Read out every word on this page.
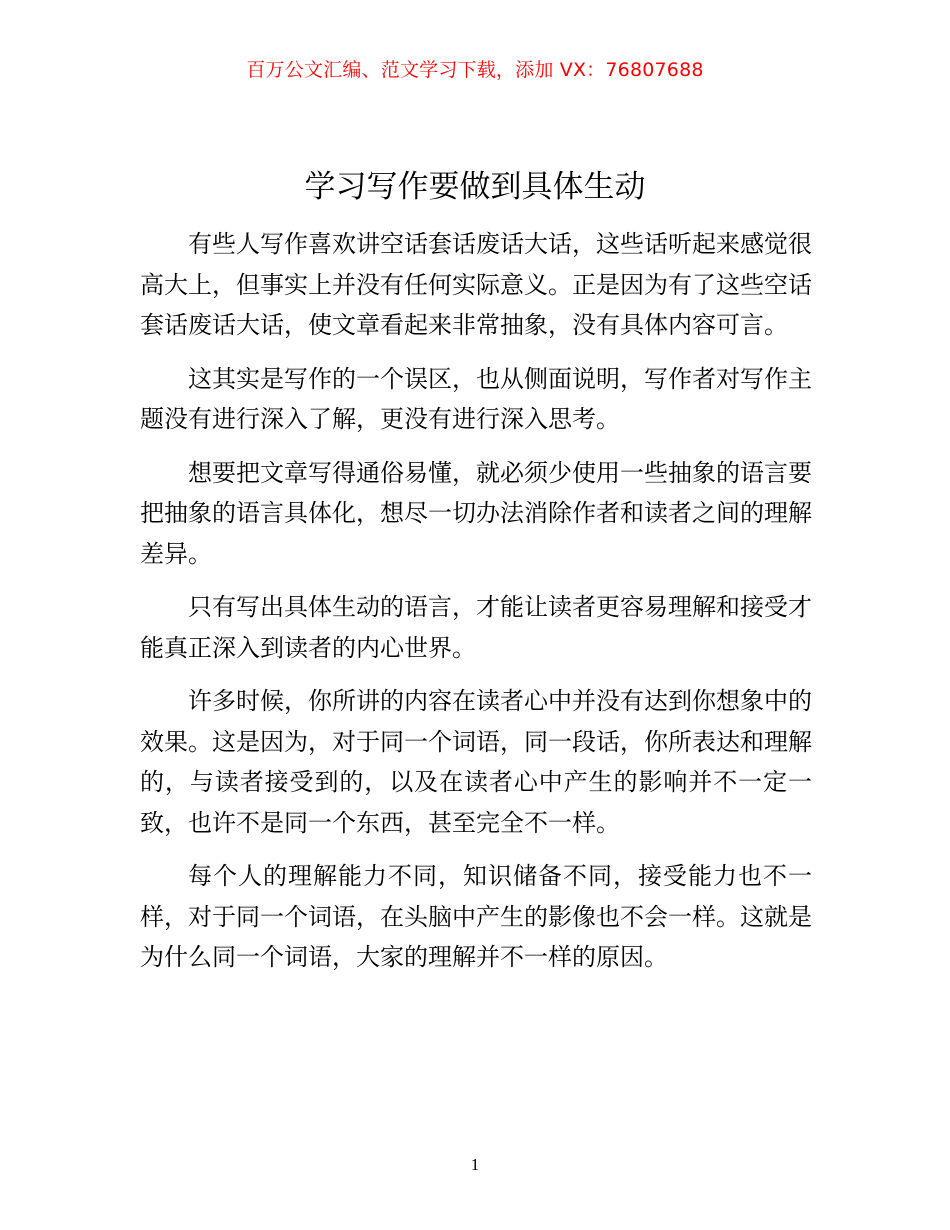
百万公文汇编、范文学习下载，添加 VX：76807688
学习写作要做到具体生动

有些人写作喜欢讲空话套话废话大话，这些话听起来感觉很高大上，但事实上并没有任何实际意义。正是因为有了这些空话套话废话大话，使文章看起来非常抽象，没有具体内容可言。

这其实是写作的一个误区，也从侧面说明，写作者对写作主题没有进行深入了解，更没有进行深入思考。

想要把文章写得通俗易懂，就必须少使用一些抽象的语言要把抽象的语言具体化，想尽一切办法消除作者和读者之间的理解差异。

只有写出具体生动的语言，才能让读者更容易理解和接受才能真正深入到读者的内心世界。

许多时候，你所讲的内容在读者心中并没有达到你想象中的效果。这是因为，对于同一个词语，同一段话，你所表达和理解的，与读者接受到的，以及在读者心中产生的影响并不一定一致，也许不是同一个东西，甚至完全不一样。

每个人的理解能力不同，知识储备不同，接受能力也不一样，对于同一个词语，在头脑中产生的影像也不会一样。这就是为什么同一个词语，大家的理解并不一样的原因。

1
